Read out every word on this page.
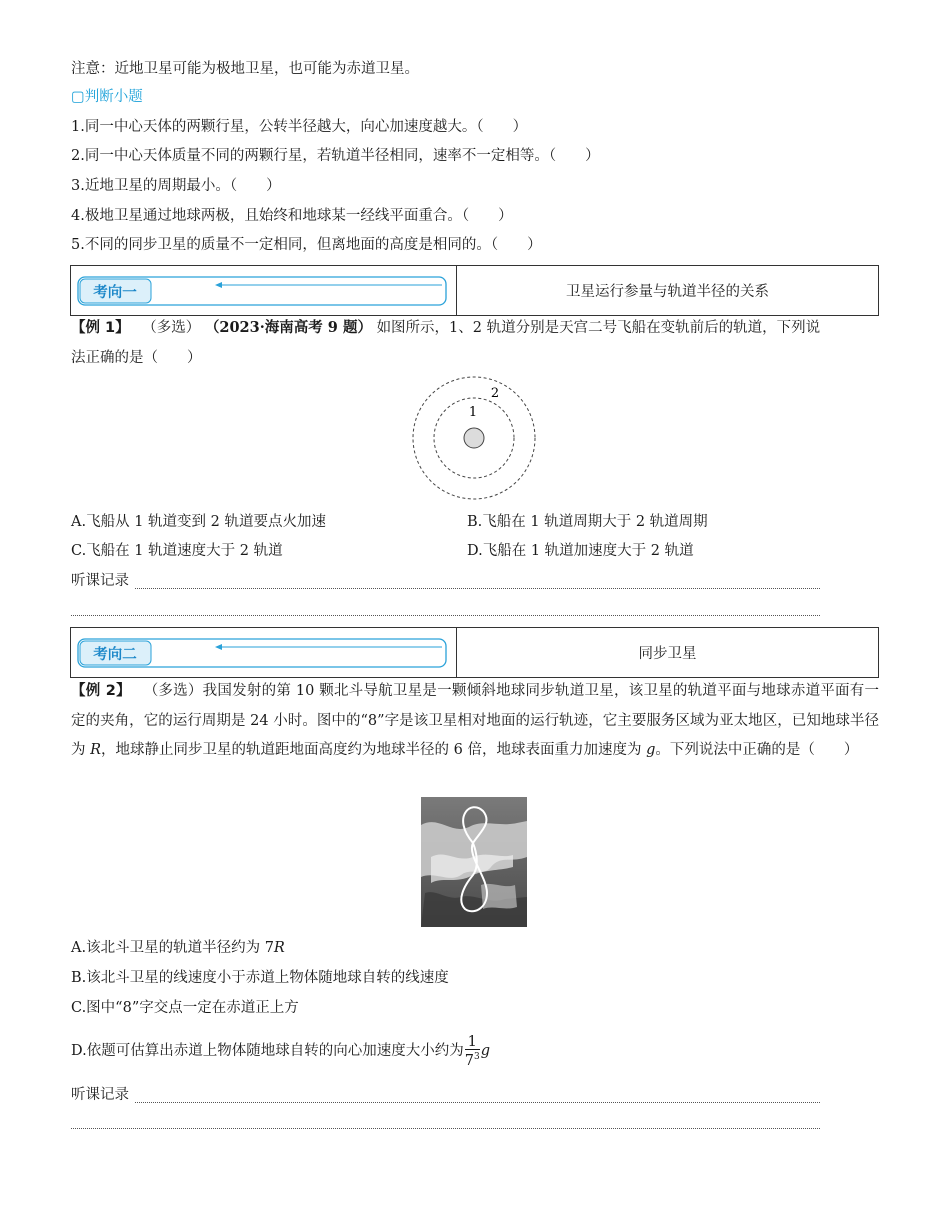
注意：近地卫星可能为极地卫星，也可能为赤道卫星。
▢判断小题
1.同一中心天体的两颗行星，公转半径越大，向心加速度越大。（　　）
2.同一中心天体质量不同的两颗行星，若轨道半径相同，速率不一定相等。（　　）
3.近地卫星的周期最小。（　　）
4.极地卫星通过地球两极，且始终和地球某一经线平面重合。（　　）
5.不同的同步卫星的质量不一定相同，但离地面的高度是相同的。（　　）
考向一	卫星运行参量与轨道半径的关系
【例 1】 （多选） （2023·海南高考 9 题） 如图所示，1、2 轨道分别是天宫二号飞船在变轨前后的轨道，下列说
法正确的是（　　）
1
2
A.飞船从 1 轨道变到 2 轨道要点火加速	B.飞船在 1 轨道周期大于 2 轨道周期
C.飞船在 1 轨道速度大于 2 轨道	D.飞船在 1 轨道加速度大于 2 轨道
听课记录
考向二	同步卫星
【例 2】 （多选）我国发射的第 10 颗北斗导航卫星是一颗倾斜地球同步轨道卫星，该卫星的轨道平面与地球赤道平面有一定的夹角，它的运行周期是 24 小时。图中的“8”字是该卫星相对地面的运行轨迹，它主要服务区域为亚太地区，已知地球半径为 R，地球静止同步卫星的轨道距地面高度约为地球半径的 6 倍，地球表面重力加速度为 g。下列说法中正确的是（　　）
A.该北斗卫星的轨道半径约为 7R
B.该北斗卫星的线速度小于赤道上物体随地球自转的线速度
C.图中“8”字交点一定在赤道正上方
D.依题可估算出赤道上物体随地球自转的向心加速度大小约为 $\frac{1}{7^3}$ g
听课记录
